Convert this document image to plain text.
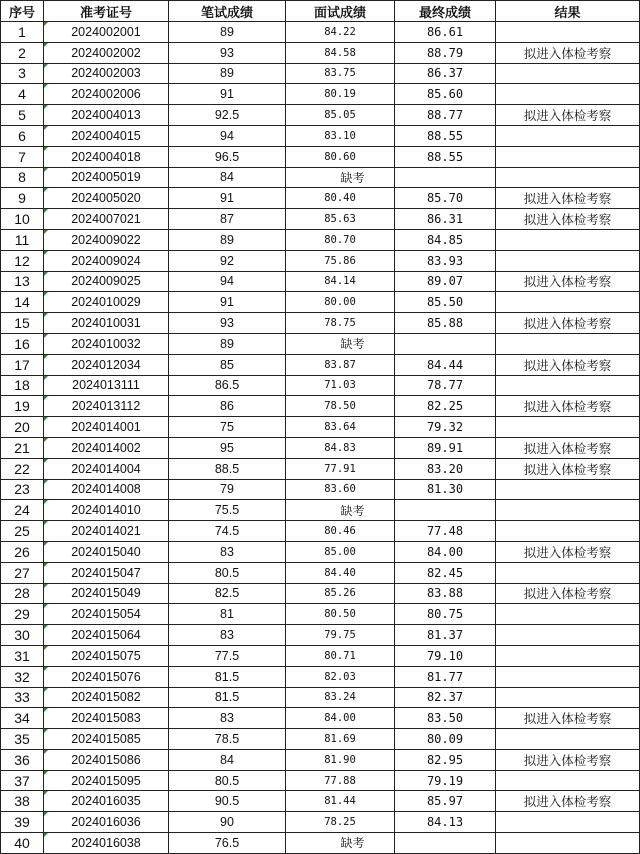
序号	准考证号	笔试成绩	面试成绩	最终成绩	结果
1	2024002001	89	84.22	86.61	
2	2024002002	93	84.58	88.79	拟进入体检考察
3	2024002003	89	83.75	86.37	
4	2024002006	91	80.19	85.60	
5	2024004013	92.5	85.05	88.77	拟进入体检考察
6	2024004015	94	83.10	88.55	
7	2024004018	96.5	80.60	88.55	
8	2024005019	84	缺考		
9	2024005020	91	80.40	85.70	拟进入体检考察
10	2024007021	87	85.63	86.31	拟进入体检考察
11	2024009022	89	80.70	84.85	
12	2024009024	92	75.86	83.93	
13	2024009025	94	84.14	89.07	拟进入体检考察
14	2024010029	91	80.00	85.50	
15	2024010031	93	78.75	85.88	拟进入体检考察
16	2024010032	89	缺考		
17	2024012034	85	83.87	84.44	拟进入体检考察
18	2024013111	86.5	71.03	78.77	
19	2024013112	86	78.50	82.25	拟进入体检考察
20	2024014001	75	83.64	79.32	
21	2024014002	95	84.83	89.91	拟进入体检考察
22	2024014004	88.5	77.91	83.20	拟进入体检考察
23	2024014008	79	83.60	81.30	
24	2024014010	75.5	缺考		
25	2024014021	74.5	80.46	77.48	
26	2024015040	83	85.00	84.00	拟进入体检考察
27	2024015047	80.5	84.40	82.45	
28	2024015049	82.5	85.26	83.88	拟进入体检考察
29	2024015054	81	80.50	80.75	
30	2024015064	83	79.75	81.37	
31	2024015075	77.5	80.71	79.10	
32	2024015076	81.5	82.03	81.77	
33	2024015082	81.5	83.24	82.37	
34	2024015083	83	84.00	83.50	拟进入体检考察
35	2024015085	78.5	81.69	80.09	
36	2024015086	84	81.90	82.95	拟进入体检考察
37	2024015095	80.5	77.88	79.19	
38	2024016035	90.5	81.44	85.97	拟进入体检考察
39	2024016036	90	78.25	84.13	
40	2024016038	76.5	缺考		
